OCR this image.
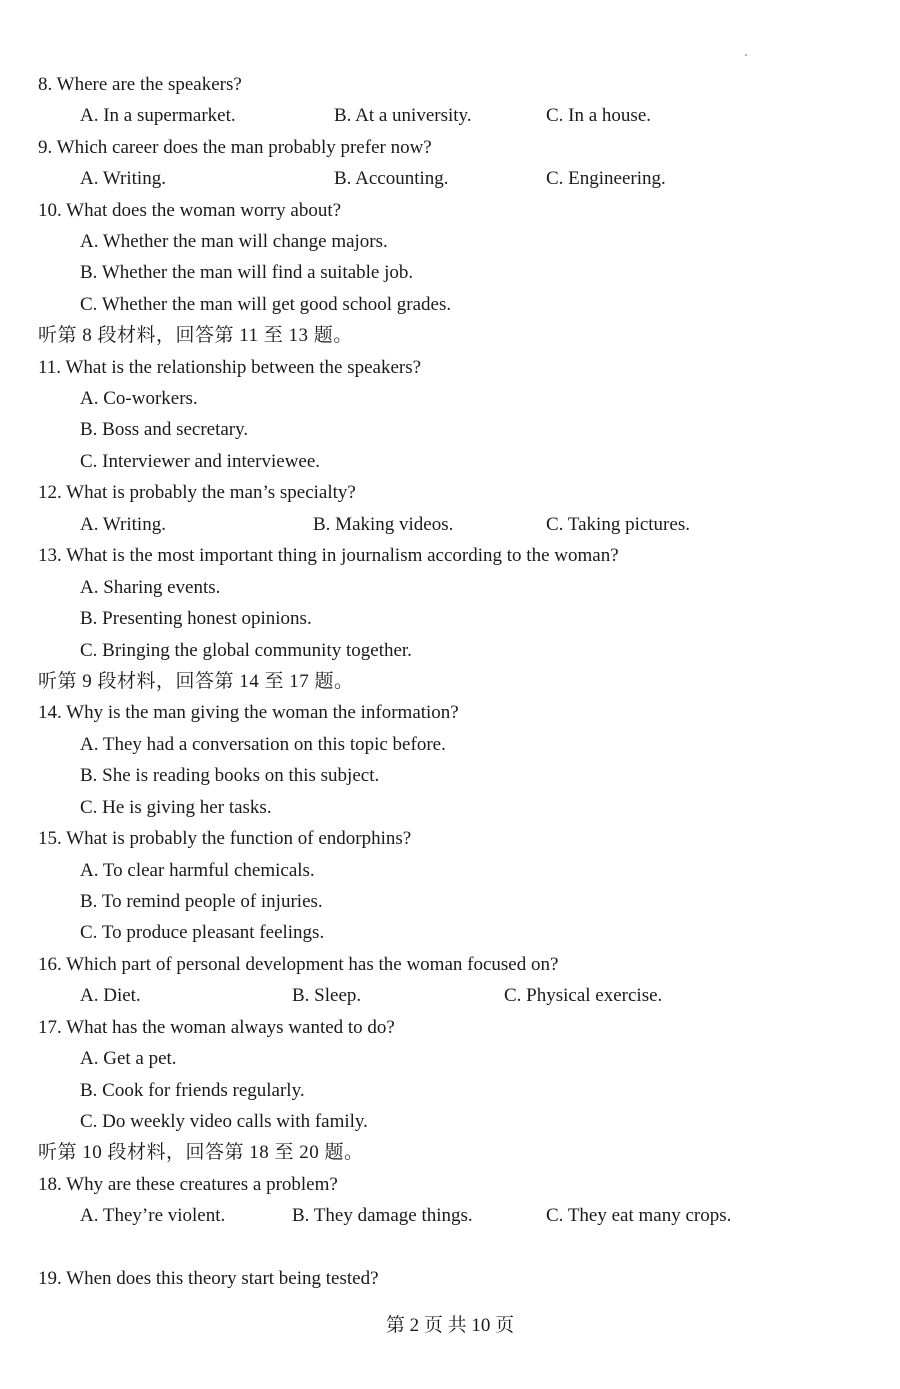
8. Where are the speakers?
A. In a supermarket.	B. At a university.	C. In a house.
9. Which career does the man probably prefer now?
A. Writing.	B. Accounting.	C. Engineering.
10. What does the woman worry about?
A. Whether the man will change majors.
B. Whether the man will find a suitable job.
C. Whether the man will get good school grades.
听第 8 段材料，回答第 11 至 13 题。
11. What is the relationship between the speakers?
A. Co-workers.
B. Boss and secretary.
C. Interviewer and interviewee.
12. What is probably the man’s specialty?
A. Writing.	B. Making videos.	C. Taking pictures.
13. What is the most important thing in journalism according to the woman?
A. Sharing events.
B. Presenting honest opinions.
C. Bringing the global community together.
听第 9 段材料，回答第 14 至 17 题。
14. Why is the man giving the woman the information?
A. They had a conversation on this topic before.
B. She is reading books on this subject.
C. He is giving her tasks.
15. What is probably the function of endorphins?
A. To clear harmful chemicals.
B. To remind people of injuries.
C. To produce pleasant feelings.
16. Which part of personal development has the woman focused on?
A. Diet.	B. Sleep.	C. Physical exercise.
17. What has the woman always wanted to do?
A. Get a pet.
B. Cook for friends regularly.
C. Do weekly video calls with family.
听第 10 段材料，回答第 18 至 20 题。
18. Why are these creatures a problem?
A. They’re violent.	B. They damage things.	C. They eat many crops.
19. When does this theory start being tested?
第 2 页 共 10 页
